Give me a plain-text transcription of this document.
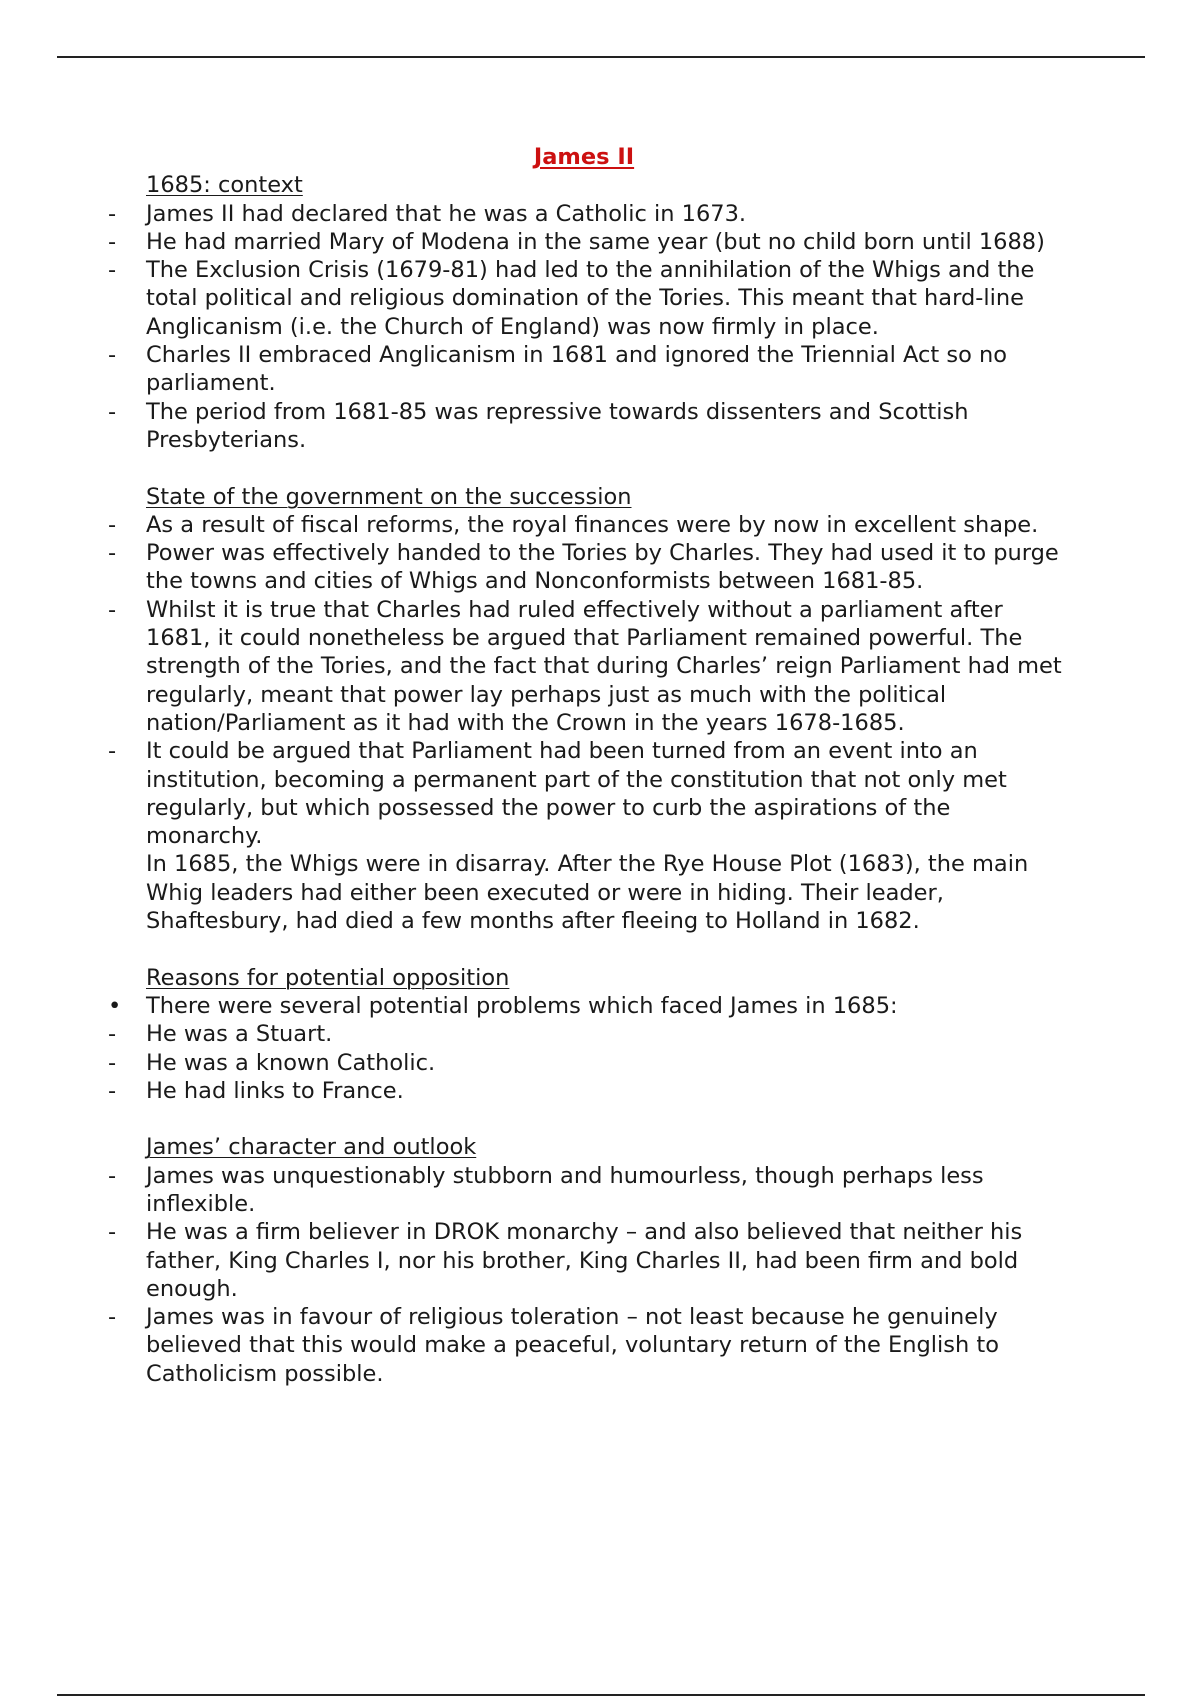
James II
1685: context
-	James II had declared that he was a Catholic in 1673.
-	He had married Mary of Modena in the same year (but no child born until 1688)
-	The Exclusion Crisis (1679-81) had led to the annihilation of the Whigs and the total political and religious domination of the Tories. This meant that hard-line Anglicanism (i.e. the Church of England) was now firmly in place.
-	Charles II embraced Anglicanism in 1681 and ignored the Triennial Act so no parliament.
-	The period from 1681-85 was repressive towards dissenters and Scottish Presbyterians.
State of the government on the succession
-	As a result of fiscal reforms, the royal finances were by now in excellent shape.
-	Power was effectively handed to the Tories by Charles. They had used it to purge the towns and cities of Whigs and Nonconformists between 1681-85.
-	Whilst it is true that Charles had ruled effectively without a parliament after 1681, it could nonetheless be argued that Parliament remained powerful. The strength of the Tories, and the fact that during Charles’ reign Parliament had met regularly, meant that power lay perhaps just as much with the political nation/Parliament as it had with the Crown in the years 1678-1685.
-	It could be argued that Parliament had been turned from an event into an institution, becoming a permanent part of the constitution that not only met regularly, but which possessed the power to curb the aspirations of the monarchy.
In 1685, the Whigs were in disarray. After the Rye House Plot (1683), the main Whig leaders had either been executed or were in hiding. Their leader, Shaftesbury, had died a few months after fleeing to Holland in 1682.
Reasons for potential opposition
•	There were several potential problems which faced James in 1685:
-	He was a Stuart.
-	He was a known Catholic.
-	He had links to France.
James’ character and outlook
-	James was unquestionably stubborn and humourless, though perhaps less inflexible.
-	He was a firm believer in DROK monarchy – and also believed that neither his father, King Charles I, nor his brother, King Charles II, had been firm and bold enough.
-	James was in favour of religious toleration – not least because he genuinely believed that this would make a peaceful, voluntary return of the English to Catholicism possible.
